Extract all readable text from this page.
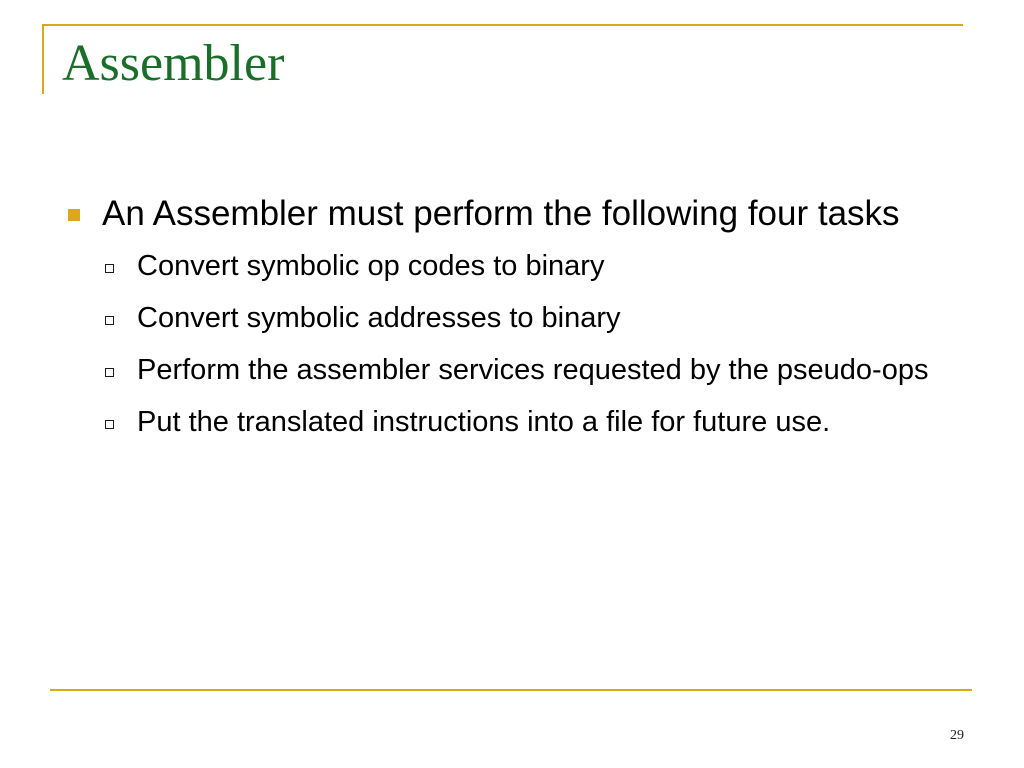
Assembler
An Assembler must perform the following four tasks
Convert symbolic op codes to binary
Convert symbolic addresses to binary
Perform the assembler services requested by the pseudo-ops
Put the translated instructions into a file for future use.
29
